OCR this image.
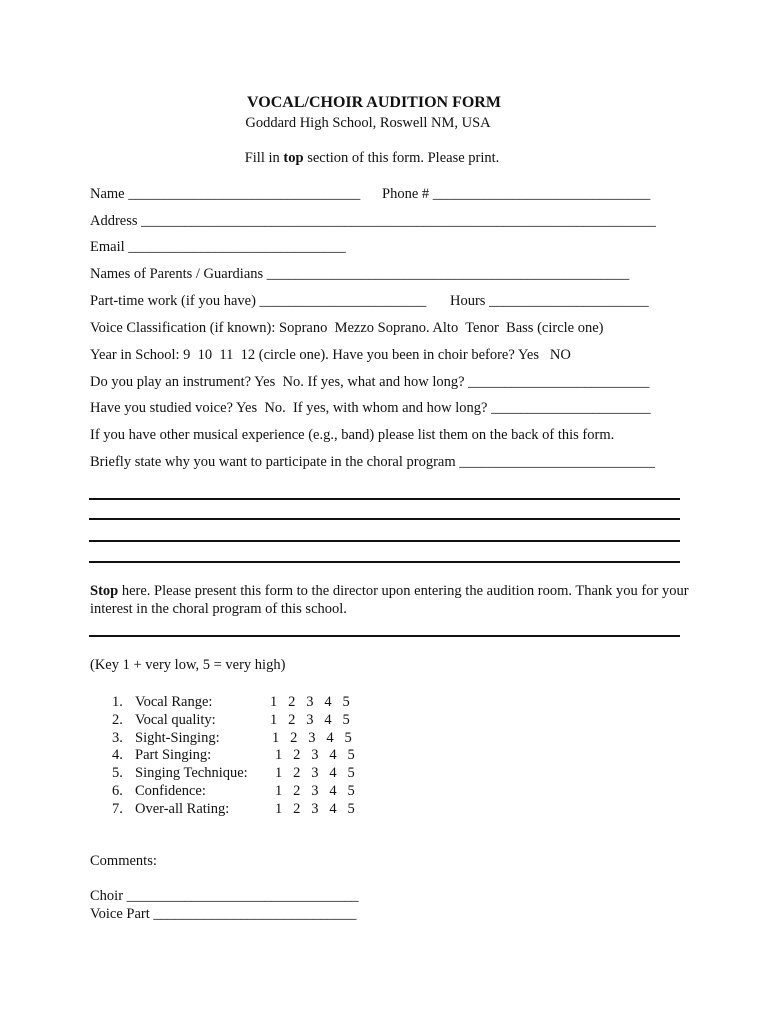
VOCAL/CHOIR AUDITION FORM
Goddard High School, Roswell NM, USA
Fill in top section of this form. Please print.
Name ________________________________ Phone # ______________________________
Address _______________________________________________________________________
Email ______________________________
Names of Parents / Guardians __________________________________________________
Part-time work (if you have) _______________________ Hours ______________________
Voice Classification (if known): Soprano  Mezzo Soprano. Alto  Tenor  Bass (circle one)
Year in School: 9  10  11  12 (circle one). Have you been in choir before? Yes   NO
Do you play an instrument? Yes  No. If yes, what and how long? _________________________
Have you studied voice? Yes  No.  If yes, with whom and how long? ______________________
If you have other musical experience (e.g., band) please list them on the back of this form.
Briefly state why you want to participate in the choral program ___________________________
Stop here. Please present this form to the director upon entering the audition room. Thank you for your interest in the choral program of this school.
(Key 1 + very low, 5 = very high)
1. Vocal Range:	1   2   3   4   5
2. Vocal quality:	1   2   3   4   5
3. Sight-Singing:	1   2   3   4   5
4. Part Singing:	1   2   3   4   5
5. Singing Technique: 1   2   3   4   5
6. Confidence:	1   2   3   4   5
7. Over-all Rating:	1   2   3   4   5
Comments:
Choir ________________________________
Voice Part ____________________________
